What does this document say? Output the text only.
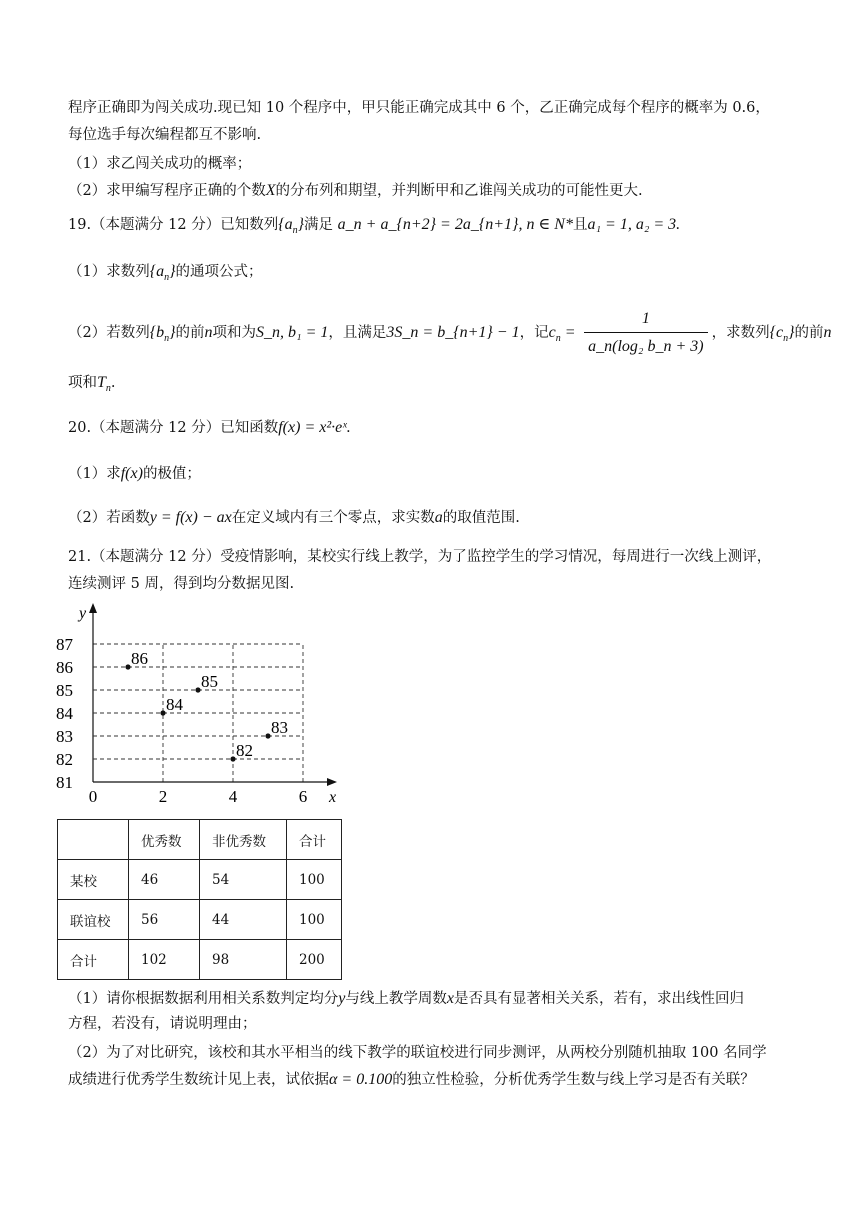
程序正确即为闯关成功.现已知 10 个程序中，甲只能正确完成其中 6 个，乙正确完成每个程序的概率为 0.6，
每位选手每次编程都互不影响.
（1）求乙闯关成功的概率；
（2）求甲编写程序正确的个数X的分布列和期望，并判断甲和乙谁闯关成功的可能性更大.
19.（本题满分 12 分）已知数列$\{a_n\}$满足 a_n + a_{n+2} = 2a_{n+1}, n ∈ N*且a₁ = 1, a₂ = 3.
（1）求数列$\{a_n\}$的通项公式；
（2）若数列$\{b_n\}$的前n项和为S_n, b₁ = 1，且满足3S_n = b_{n+1} − 1，记$c_n = \frac{1}{\text{a\_n(log₂ b\_n + 3)}}$ ，求数列$\{c_n\}$的前n
项和$T_n$.
20.（本题满分 12 分）已知函数f(x) = x²·eˣ.
（1）求f(x)的极值；
（2）若函数y = f(x) − ax在定义域内有三个零点，求实数a的取值范围.
21.（本题满分 12 分）受疫情影响，某校实行线上教学，为了监控学生的学习情况，每周进行一次线上测评，
连续测评 5 周，得到均分数据见图.
x
y
81
82
83
84
85
86
87
0	2	4	6
86
84
85
82
83
	优秀数	非优秀数	合计
某校	46	54	100
联谊校	56	44	100
合计	102	98	200
（1）请你根据数据利用相关系数判定均分y与线上教学周数x是否具有显著相关关系，若有，求出线性回归
方程，若没有，请说明理由；
（2）为了对比研究，该校和其水平相当的线下教学的联谊校进行同步测评，从两校分别随机抽取 100 名同学
成绩进行优秀学生数统计见上表，试依据α = 0.100的独立性检验，分析优秀学生数与线上学习是否有关联？
